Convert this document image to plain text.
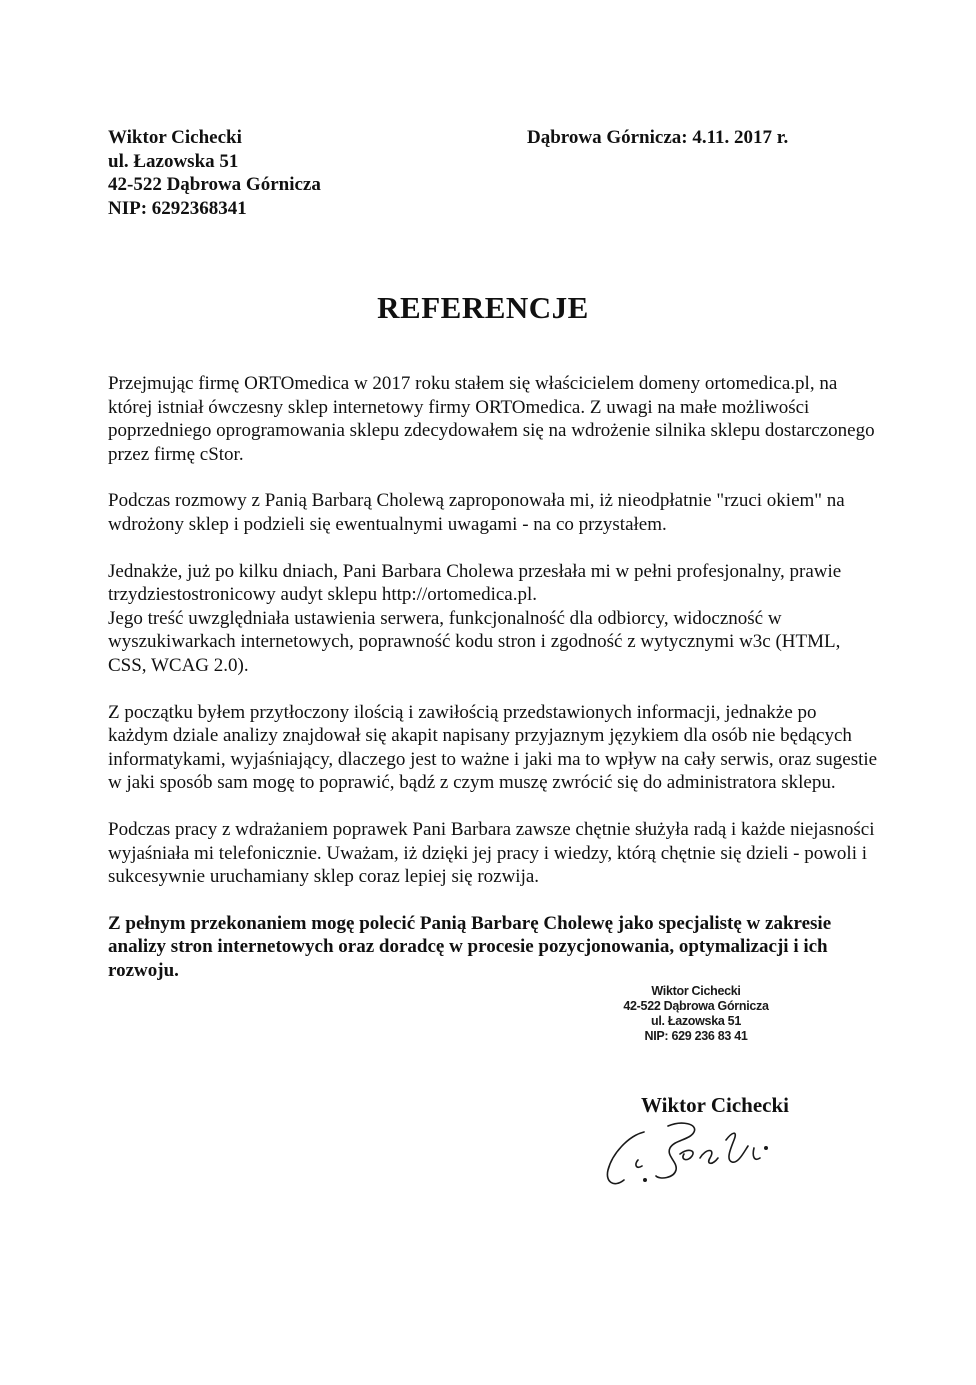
Wiktor Cichecki
ul. Łazowska 51
42-522 Dąbrowa Górnicza
NIP: 6292368341
Dąbrowa Górnicza: 4.11. 2017 r.
REFERENCJE

Przejmując firmę ORTOmedica w 2017 roku stałem się właścicielem domeny ortomedica.pl, na której istniał ówczesny sklep internetowy firmy ORTOmedica. Z uwagi na małe możliwości poprzedniego oprogramowania sklepu zdecydowałem się na wdrożenie silnika sklepu dostarczonego przez firmę cStor.

Podczas rozmowy z Panią Barbarą Cholewą zaproponowała mi, iż nieodpłatnie "rzuci okiem" na wdrożony sklep i podzieli się ewentualnymi uwagami - na co przystałem.

Jednakże, już po kilku dniach, Pani Barbara Cholewa przesłała mi w pełni profesjonalny, prawie trzydziestostronicowy audyt sklepu http://ortomedica.pl.
Jego treść uwzględniała ustawienia serwera, funkcjonalność dla odbiorcy, widoczność w wyszukiwarkach internetowych, poprawność kodu stron i zgodność z wytycznymi w3c (HTML, CSS, WCAG 2.0).

Z początku byłem przytłoczony ilością i zawiłością przedstawionych informacji, jednakże po każdym dziale analizy znajdował się akapit napisany przyjaznym językiem dla osób nie będących informatykami, wyjaśniający, dlaczego jest to ważne i jaki ma to wpływ na cały serwis, oraz sugestie w jaki sposób sam mogę to poprawić, bądź z czym muszę zwrócić się do administratora sklepu.

Podczas pracy z wdrażaniem poprawek Pani Barbara zawsze chętnie służyła radą i każde niejasności wyjaśniała mi telefonicznie. Uważam, iż dzięki jej pracy i wiedzy, którą chętnie się dzieli - powoli i sukcesywnie uruchamiany sklep coraz lepiej się rozwija.

Z pełnym przekonaniem mogę polecić Panią Barbarę Cholewę jako specjalistę w zakresie analizy stron internetowych oraz doradcę w procesie pozycjonowania, optymalizacji i ich rozwoju.

Wiktor Cichecki
42-522 Dąbrowa Górnicza
ul. Łazowska 51
NIP: 629 236 83 41
Wiktor Cichecki
